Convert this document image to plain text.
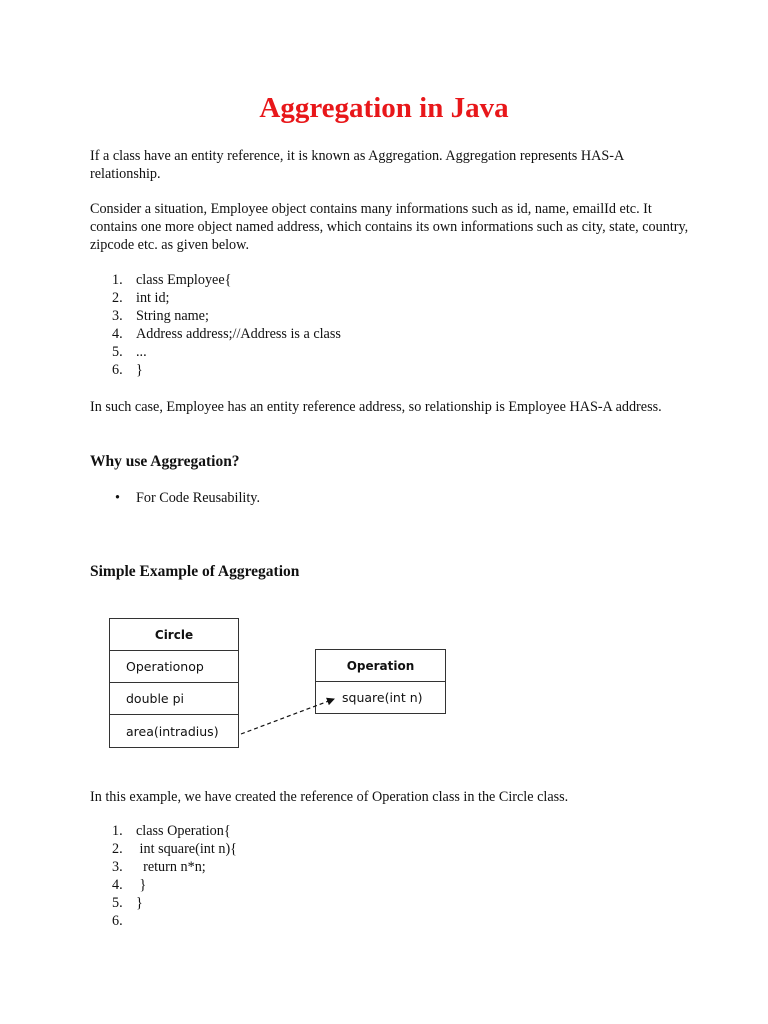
Aggregation in Java

If a class have an entity reference, it is known as Aggregation. Aggregation represents HAS-A relationship.

Consider a situation, Employee object contains many informations such as id, name, emailId etc. It contains one more object named address, which contains its own informations such as city, state, country, zipcode etc. as given below.

1. class Employee{
2. int id;
3. String name;
4. Address address;//Address is a class
5. ...
6. }

In such case, Employee has an entity reference address, so relationship is Employee HAS-A address.

Why use Aggregation?
• For Code Reusability.
Simple Example of Aggregation
Circle
Operationop
double pi
area(intradius)
Operation
square(int n)

In this example, we have created the reference of Operation class in the Circle class.

1. class Operation{
2. int square(int n){
3. return n*n;
4. }
5. }
6.
